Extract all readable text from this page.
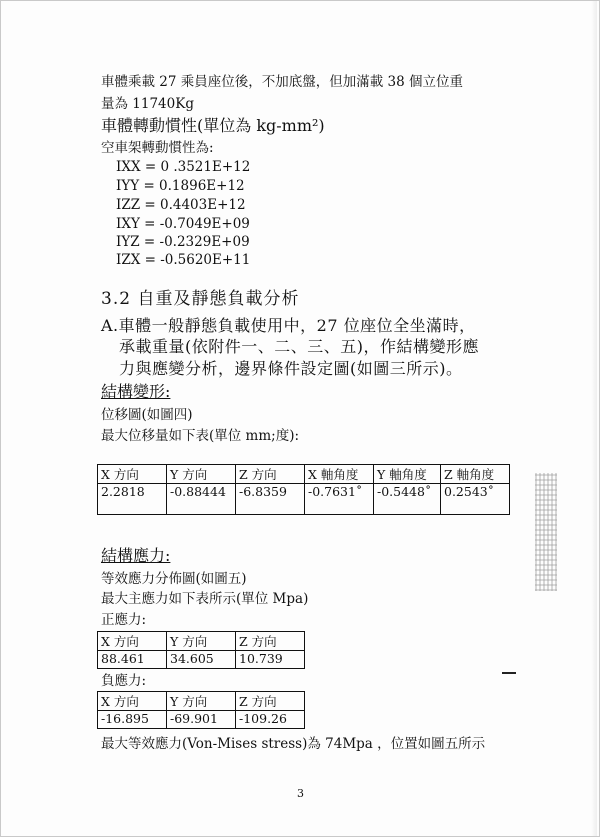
車體乘載 27 乘員座位後，不加底盤，但加滿載 38 個立位重
量為 11740Kg
車體轉動慣性(單位為 kg-mm²)
空車架轉動慣性為:
IXX = 0 .3521E+12
IYY = 0.1896E+12
IZZ = 0.4403E+12
IXY = -0.7049E+09
IYZ = -0.2329E+09
IZX = -0.5620E+11
3.2 自重及靜態負載分析
A.車體一般靜態負載使用中，27 位座位全坐滿時，
承載重量(依附件一、二、三、五)，作結構變形應
力與應變分析，邊界條件設定圖(如圖三所示)。
結構變形:
位移圖(如圖四)
最大位移量如下表(單位 mm;度):
X 方向	Y 方向	Z 方向	X 軸角度	Y 軸角度	Z 軸角度
2.2818	-0.88444	-6.8359	-0.7631˚	-0.5448˚	0.2543˚
結構應力:
等效應力分佈圖(如圖五)
最大主應力如下表所示(單位 Mpa)
正應力:
X 方向	Y 方向	Z 方向
88.461	34.605	10.739
負應力:
X 方向	Y 方向	Z 方向
-16.895	-69.901	-109.26
最大等效應力(Von-Mises stress)為 74Mpa ，位置如圖五所示
3
